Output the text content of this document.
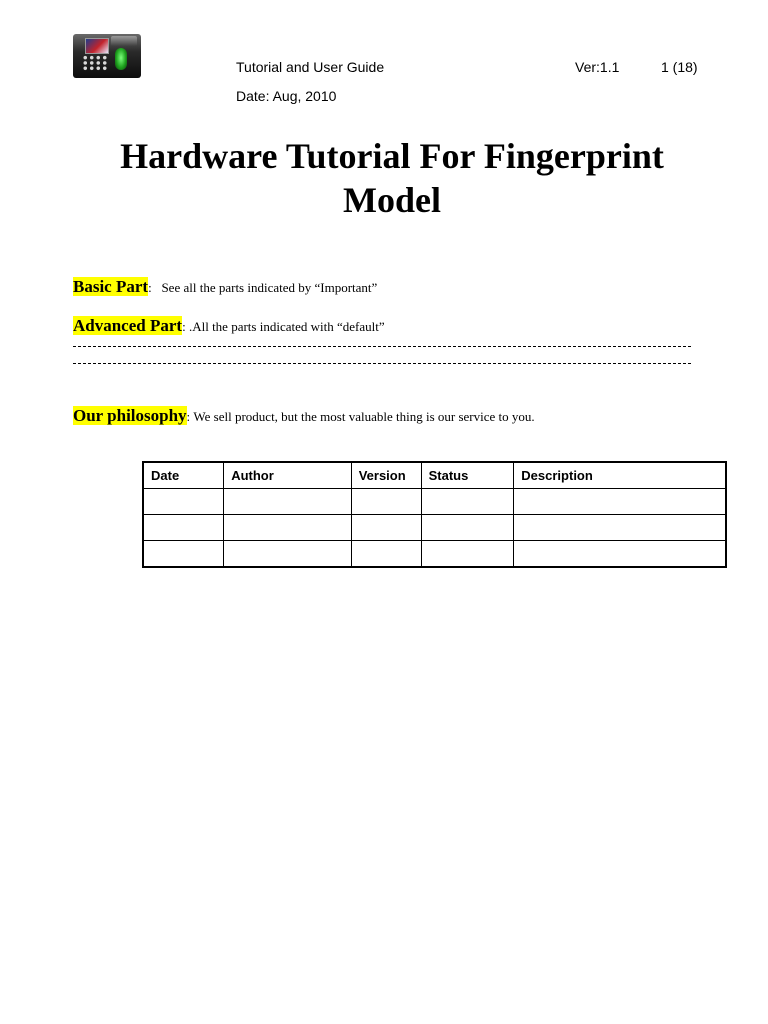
Tutorial and User Guide	Ver:1.1	1 (18)
Date: Aug, 2010
Hardware Tutorial For Fingerprint
Model
Basic Part: See all the parts indicated by “Important”
Advanced Part: .All the parts indicated with “default”
Our philosophy: We sell product, but the most valuable thing is our service to you.
Date	Author	Version	Status	Description
